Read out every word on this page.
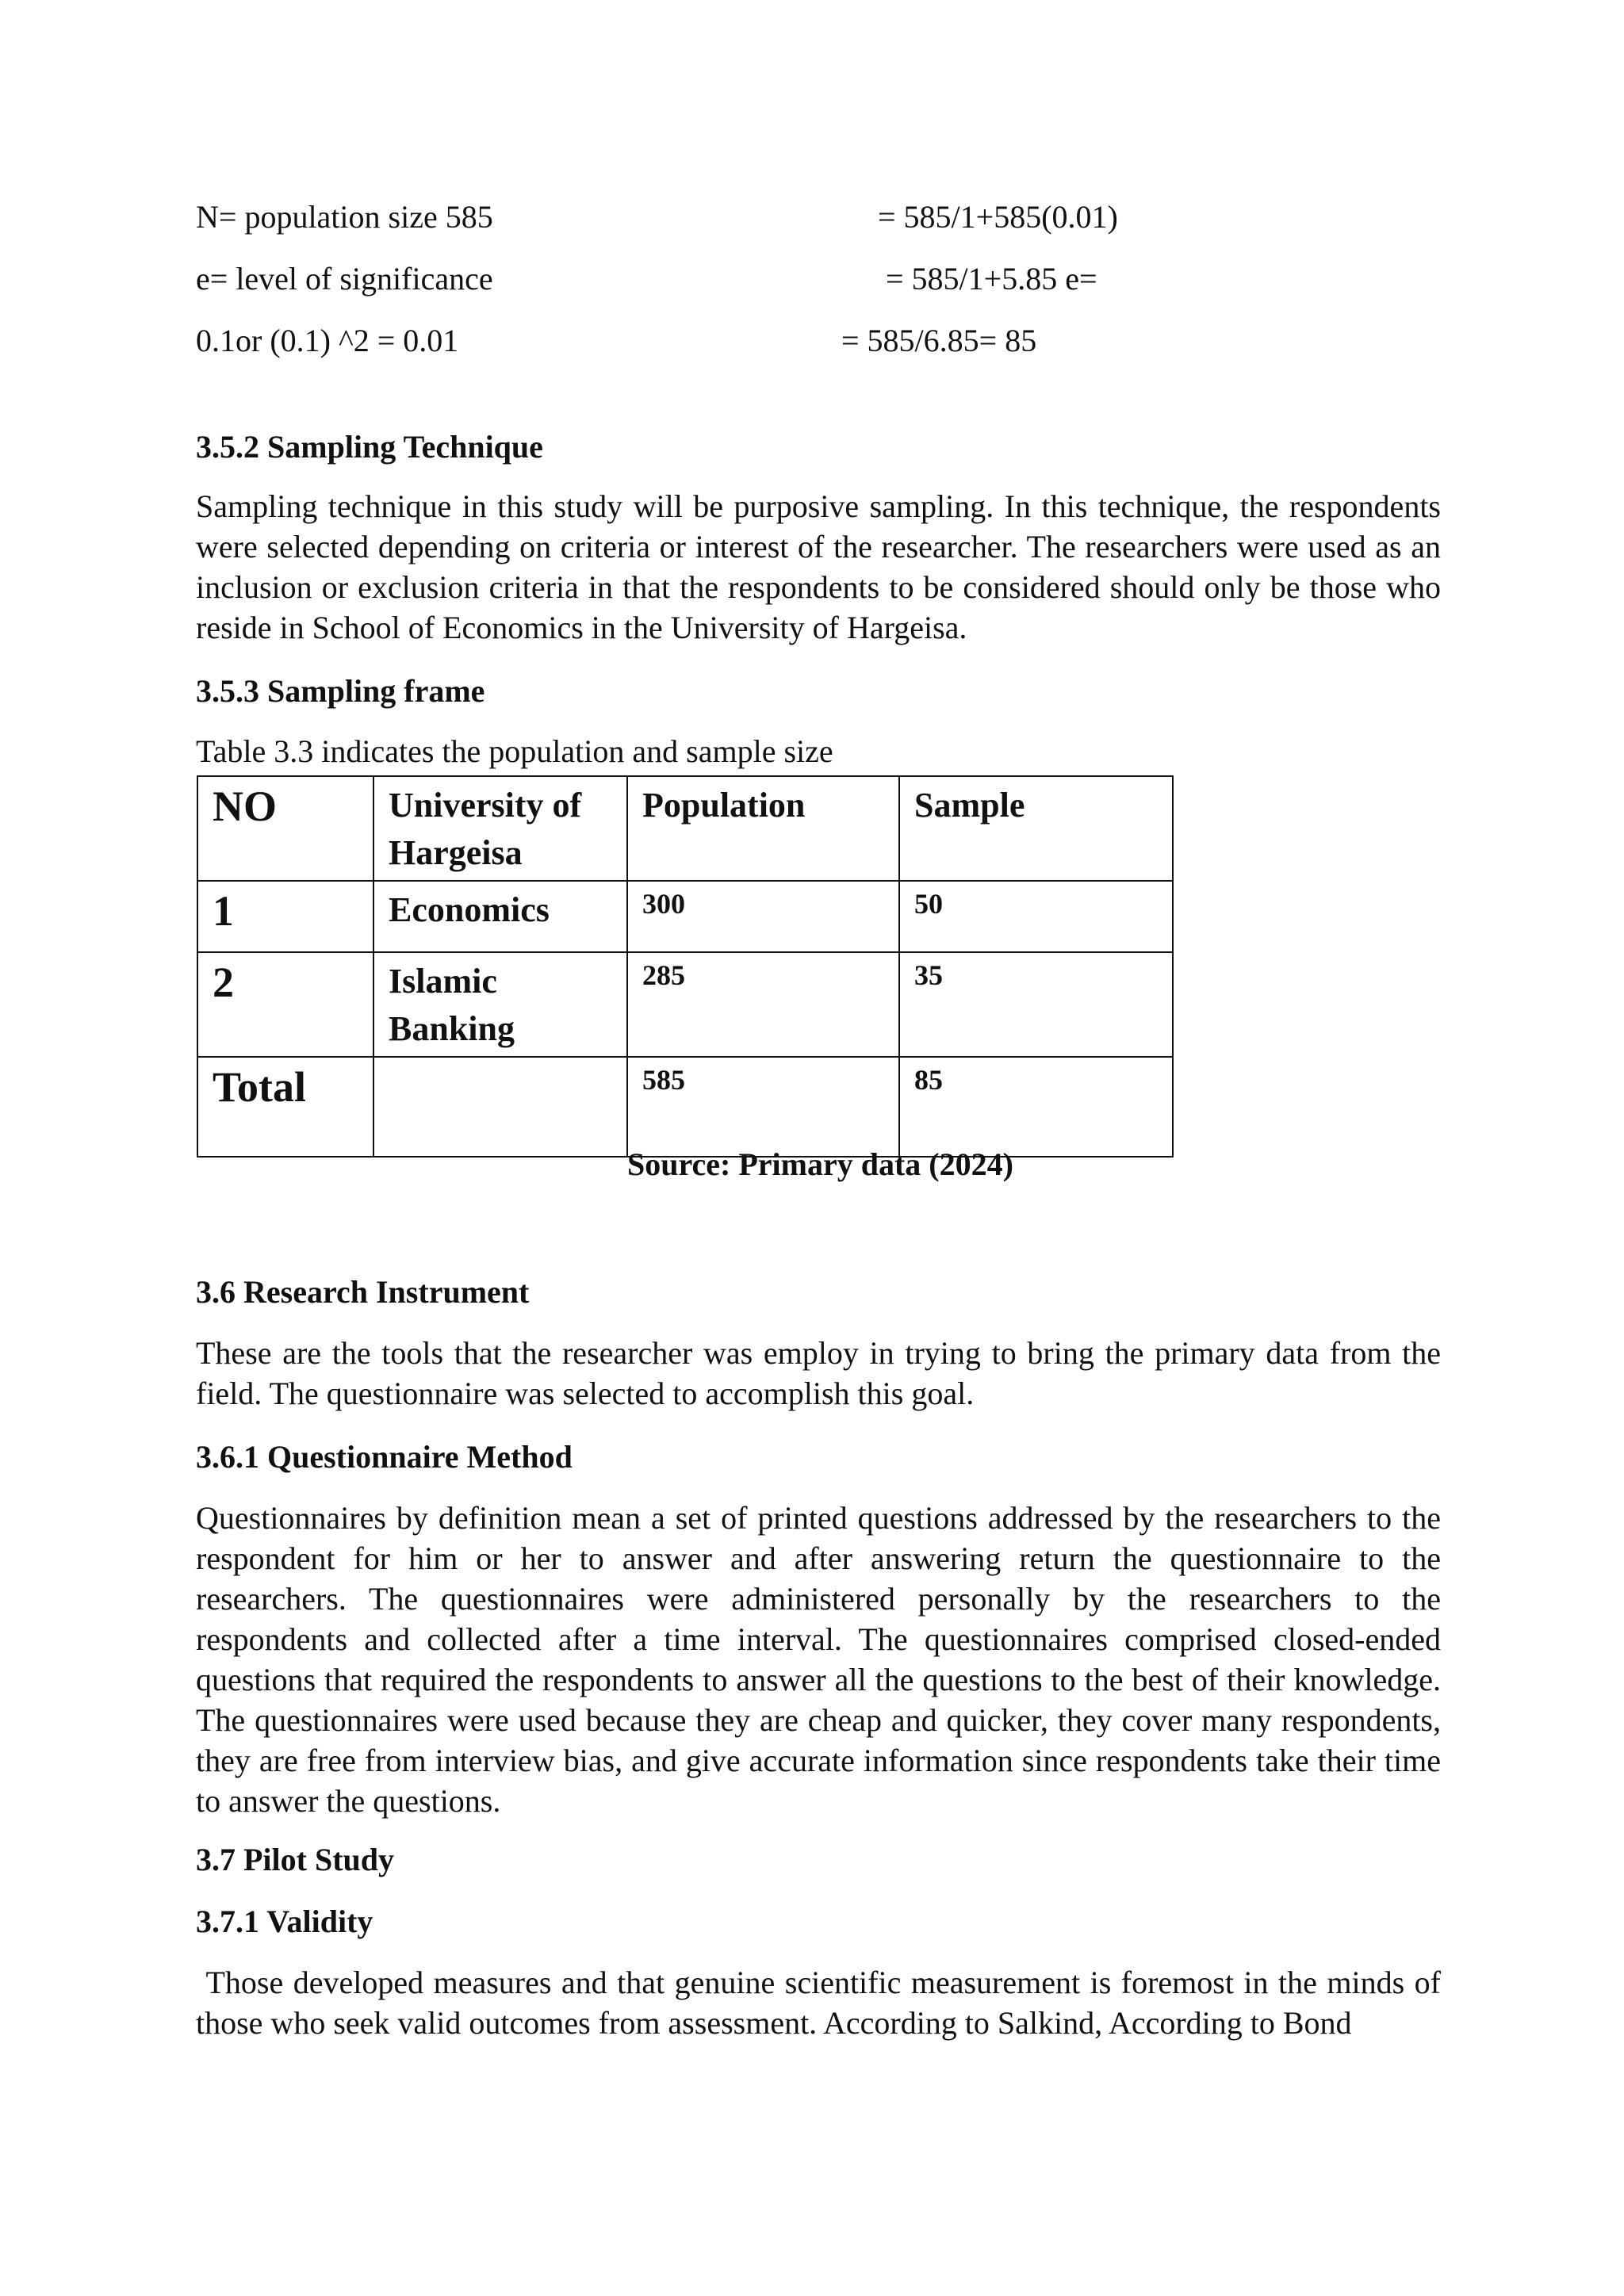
N= population size 585	= 585/1+585(0.01)
e= level of significance	= 585/1+5.85 e=
0.1or (0.1) ^2 = 0.01	= 585/6.85= 85
3.5.2 Sampling Technique

Sampling technique in this study will be purposive sampling. In this technique, the respondents were selected depending on criteria or interest of the researcher. The researchers were used as an inclusion or exclusion criteria in that the respondents to be considered should only be those who reside in School of Economics in the University of Hargeisa.

3.5.3 Sampling frame
Table 3.3 indicates the population and sample size
NO	University of Hargeisa	Population	Sample
1	Economics	300	50
2	Islamic Banking	285	35
Total		585	85
Source: Primary data (2024)
3.6 Research Instrument

These are the tools that the researcher was employ in trying to bring the primary data from the field. The questionnaire was selected to accomplish this goal.

3.6.1 Questionnaire Method

Questionnaires by definition mean a set of printed questions addressed by the researchers to the respondent for him or her to answer and after answering return the questionnaire to the researchers. The questionnaires were administered personally by the researchers to the respondents and collected after a time interval. The questionnaires comprised closed-ended questions that required the respondents to answer all the questions to the best of their knowledge. The questionnaires were used because they are cheap and quicker, they cover many respondents, they are free from interview bias, and give accurate information since respondents take their time to answer the questions.

3.7 Pilot Study
3.7.1 Validity

Those developed measures and that genuine scientific measurement is foremost in the minds of those who seek valid outcomes from assessment. According to Salkind, According to Bond
